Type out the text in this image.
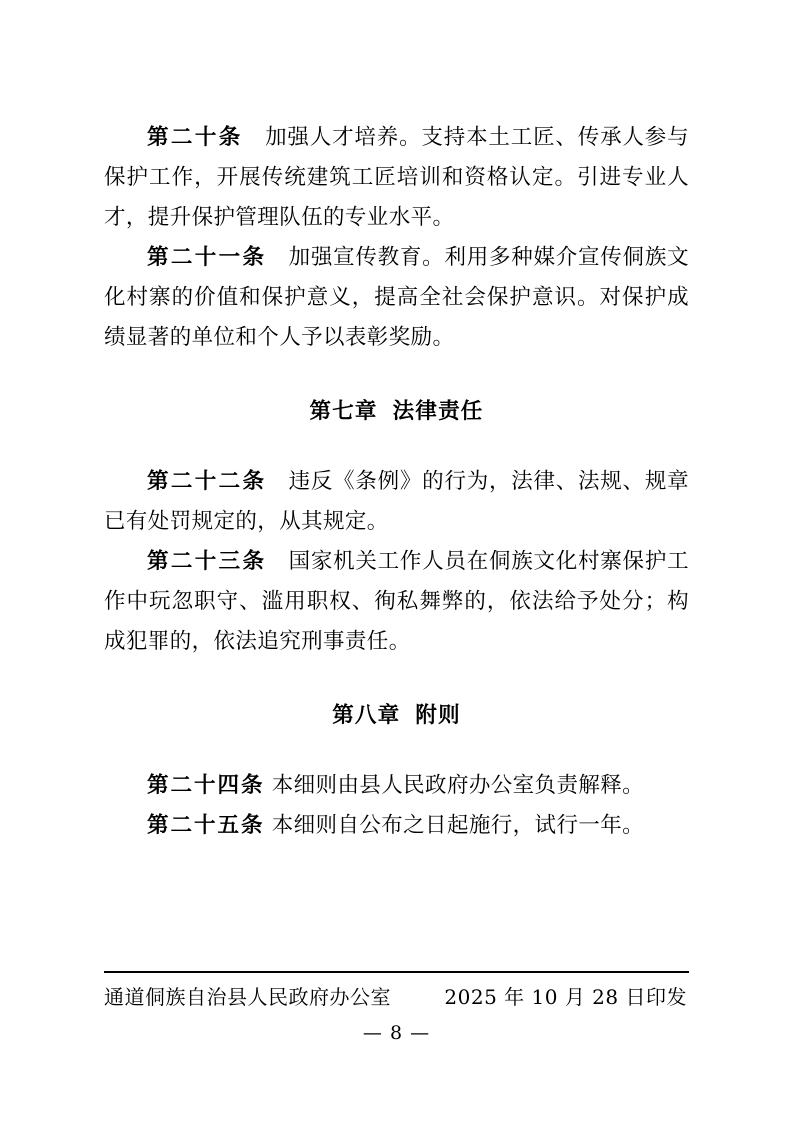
第二十条　 加强人才培养。支持本土工匠、传承人参与保护工作，开展传统建筑工匠培训和资格认定。引进专业人才，提升保护管理队伍的专业水平。

第二十一条　 加强宣传教育。利用多种媒介宣传侗族文化村寨的价值和保护意义，提高全社会保护意识。对保护成绩显著的单位和个人予以表彰奖励。

第七章 法律责任

第二十二条　 违反《条例》的行为，法律、法规、规章已有处罚规定的，从其规定。

第二十三条　 国家机关工作人员在侗族文化村寨保护工作中玩忽职守、滥用职权、徇私舞弊的，依法给予处分；构成犯罪的，依法追究刑事责任。

第八章 附则

第二十四条 本细则由县人民政府办公室负责解释。

第二十五条 本细则自公布之日起施行，试行一年。

通道侗族自治县人民政府办公室	2025 年 10 月 28 日印发
— 8 —
